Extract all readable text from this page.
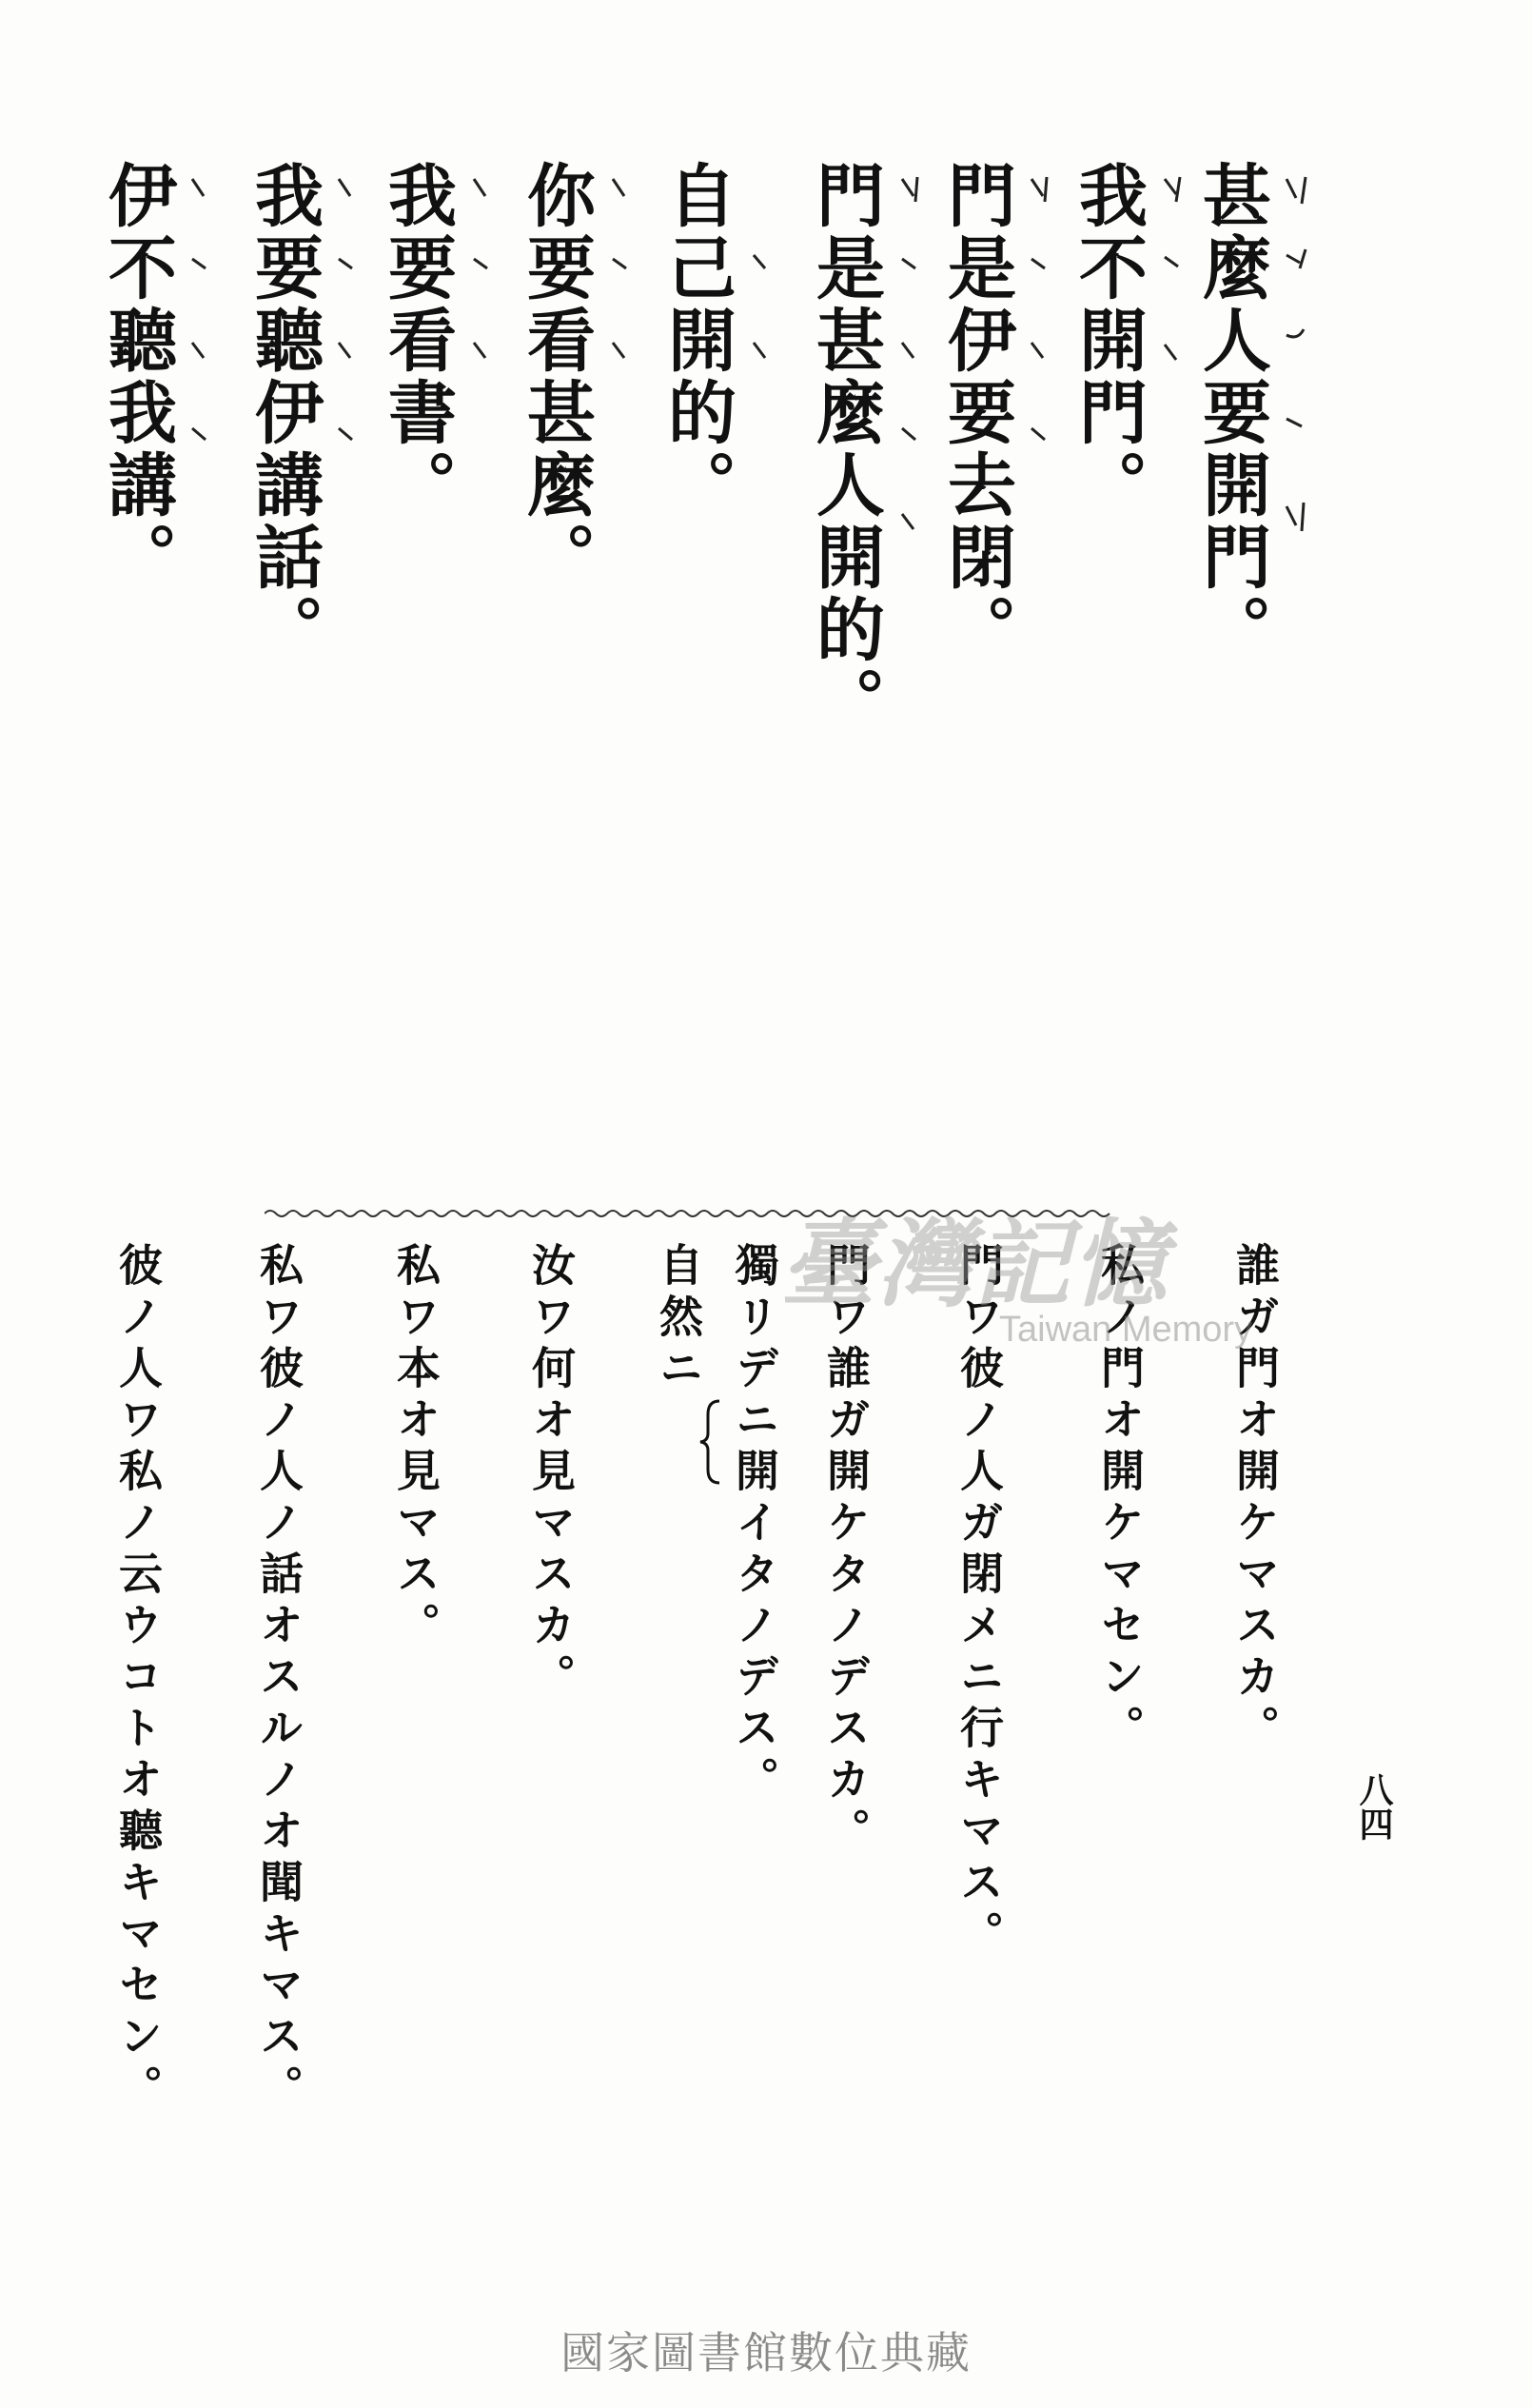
甚麼人要開門。
我不開門。
門是伊要去閉。
門是甚麼人開的。
自己開的。
你要看甚麼。
我要看書。
我要聽伊講話。
伊不聽我講。
誰ガ門オ開ケマスカ。
私ノ門オ開ケマセン。
門ワ彼ノ人ガ閉メニ行キマス。
門ワ誰ガ開ケタノデスカ。
獨リデニ開イタノデス。
自然ニ
汝ワ何オ見マスカ。
私ワ本オ見マス。
私ワ彼ノ人ノ話オスルノオ聞キマス。
彼ノ人ワ私ノ云ウコトオ聽キマセン。	八四
臺灣記憶
Taiwan Memory
國家圖書館數位典藏
